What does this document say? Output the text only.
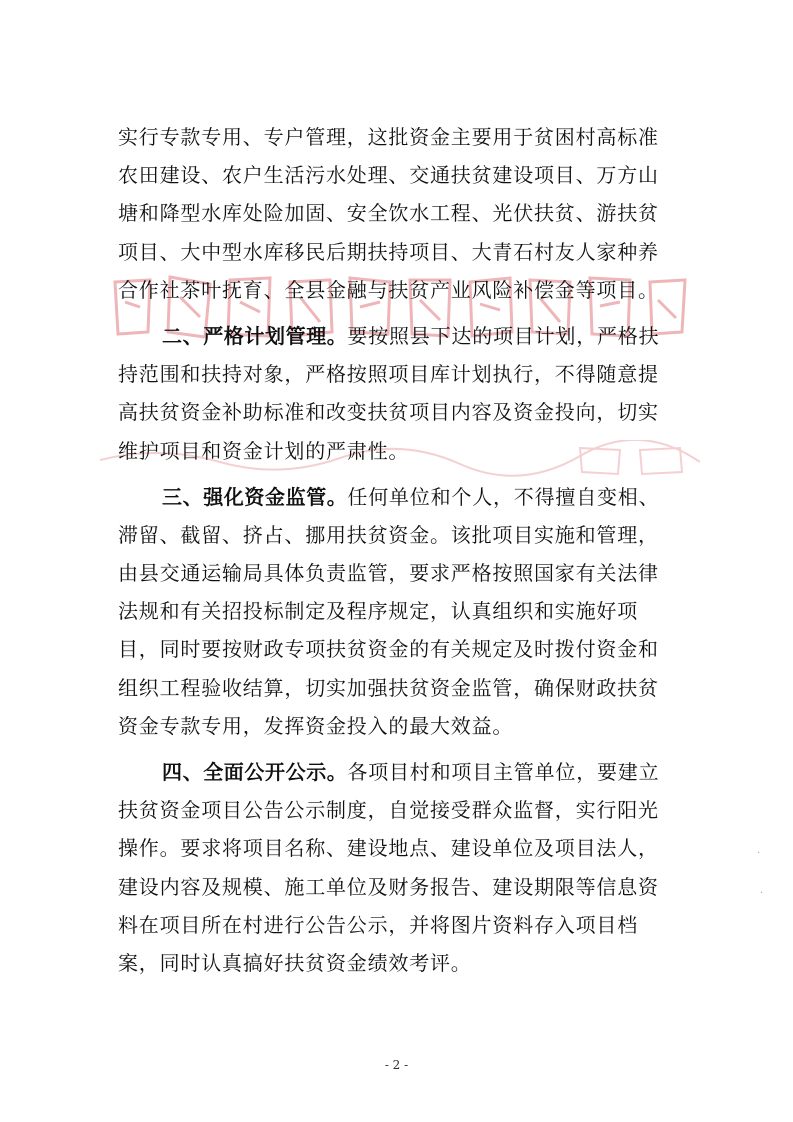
实行专款专用、专户管理，这批资金主要用于贫困村高标准
农田建设、农户生活污水处理、交通扶贫建设项目、万方山
塘和降型水库处险加固、安全饮水工程、光伏扶贫、游扶贫
项目、大中型水库移民后期扶持项目、大青石村友人家种养
合作社茶叶抚育、全县金融与扶贫产业风险补偿金等项目。
二、严格计划管理。要按照县下达的项目计划，严格扶
持范围和扶持对象，严格按照项目库计划执行，不得随意提
高扶贫资金补助标准和改变扶贫项目内容及资金投向，切实
维护项目和资金计划的严肃性。
三、强化资金监管。任何单位和个人，不得擅自变相、
滞留、截留、挤占、挪用扶贫资金。该批项目实施和管理，
由县交通运输局具体负责监管，要求严格按照国家有关法律
法规和有关招投标制定及程序规定，认真组织和实施好项
目，同时要按财政专项扶贫资金的有关规定及时拨付资金和
组织工程验收结算，切实加强扶贫资金监管，确保财政扶贫
资金专款专用，发挥资金投入的最大效益。
四、全面公开公示。各项目村和项目主管单位，要建立
扶贫资金项目公告公示制度，自觉接受群众监督，实行阳光
操作。要求将项目名称、建设地点、建设单位及项目法人，
建设内容及规模、施工单位及财务报告、建设期限等信息资
料在项目所在村进行公告公示，并将图片资料存入项目档
案，同时认真搞好扶贫资金绩效考评。
·
·
- 2 -
